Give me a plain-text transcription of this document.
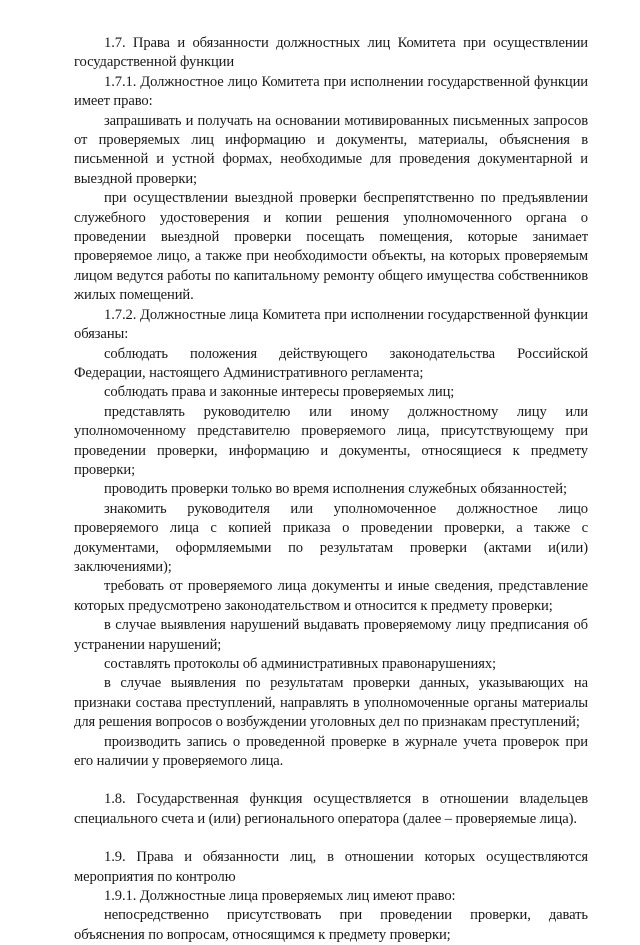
1.7. Права и обязанности должностных лиц Комитета при осуществлении государственной функции

1.7.1. Должностное лицо Комитета при исполнении государственной функции имеет право:

запрашивать и получать на основании мотивированных письменных запросов от проверяемых лиц информацию и документы, материалы, объяснения в письменной и устной формах, необходимые для проведения документарной и выездной проверки;

при осуществлении выездной проверки беспрепятственно по предъявлении служебного удостоверения и копии решения уполномоченного органа о проведении выездной проверки посещать помещения, которые занимает проверяемое лицо, а также при необходимости объекты, на которых проверяемым лицом ведутся работы по капитальному ремонту общего имущества собственников жилых помещений.

1.7.2. Должностные лица Комитета при исполнении государственной функции обязаны:

соблюдать положения действующего законодательства Российской Федерации, настоящего Административного регламента;

соблюдать права и законные интересы проверяемых лиц;

представлять руководителю или иному должностному лицу или уполномоченному представителю проверяемого лица, присутствующему при проведении проверки, информацию и документы, относящиеся к предмету проверки;

проводить проверки только во время исполнения служебных обязанностей;

знакомить руководителя или уполномоченное должностное лицо проверяемого лица с копией приказа о проведении проверки, а также с документами, оформляемыми по результатам проверки (актами и(или) заключениями);

требовать от проверяемого лица документы и иные сведения, представление которых предусмотрено законодательством и относится к предмету проверки;

в случае выявления нарушений выдавать проверяемому лицу предписания об устранении нарушений;

составлять протоколы об административных правонарушениях;

в случае выявления по результатам проверки данных, указывающих на признаки состава преступлений, направлять в уполномоченные органы материалы для решения вопросов о возбуждении уголовных дел по признакам преступлений;

производить запись о проведенной проверке в журнале учета проверок при его наличии у проверяемого лица.

1.8. Государственная функция осуществляется в отношении владельцев специального счета и (или) регионального оператора (далее – проверяемые лица).

1.9. Права и обязанности лиц, в отношении которых осуществляются мероприятия по контролю

1.9.1. Должностные лица проверяемых лиц имеют право:

непосредственно присутствовать при проведении проверки, давать объяснения по вопросам, относящимся к предмету проверки;
